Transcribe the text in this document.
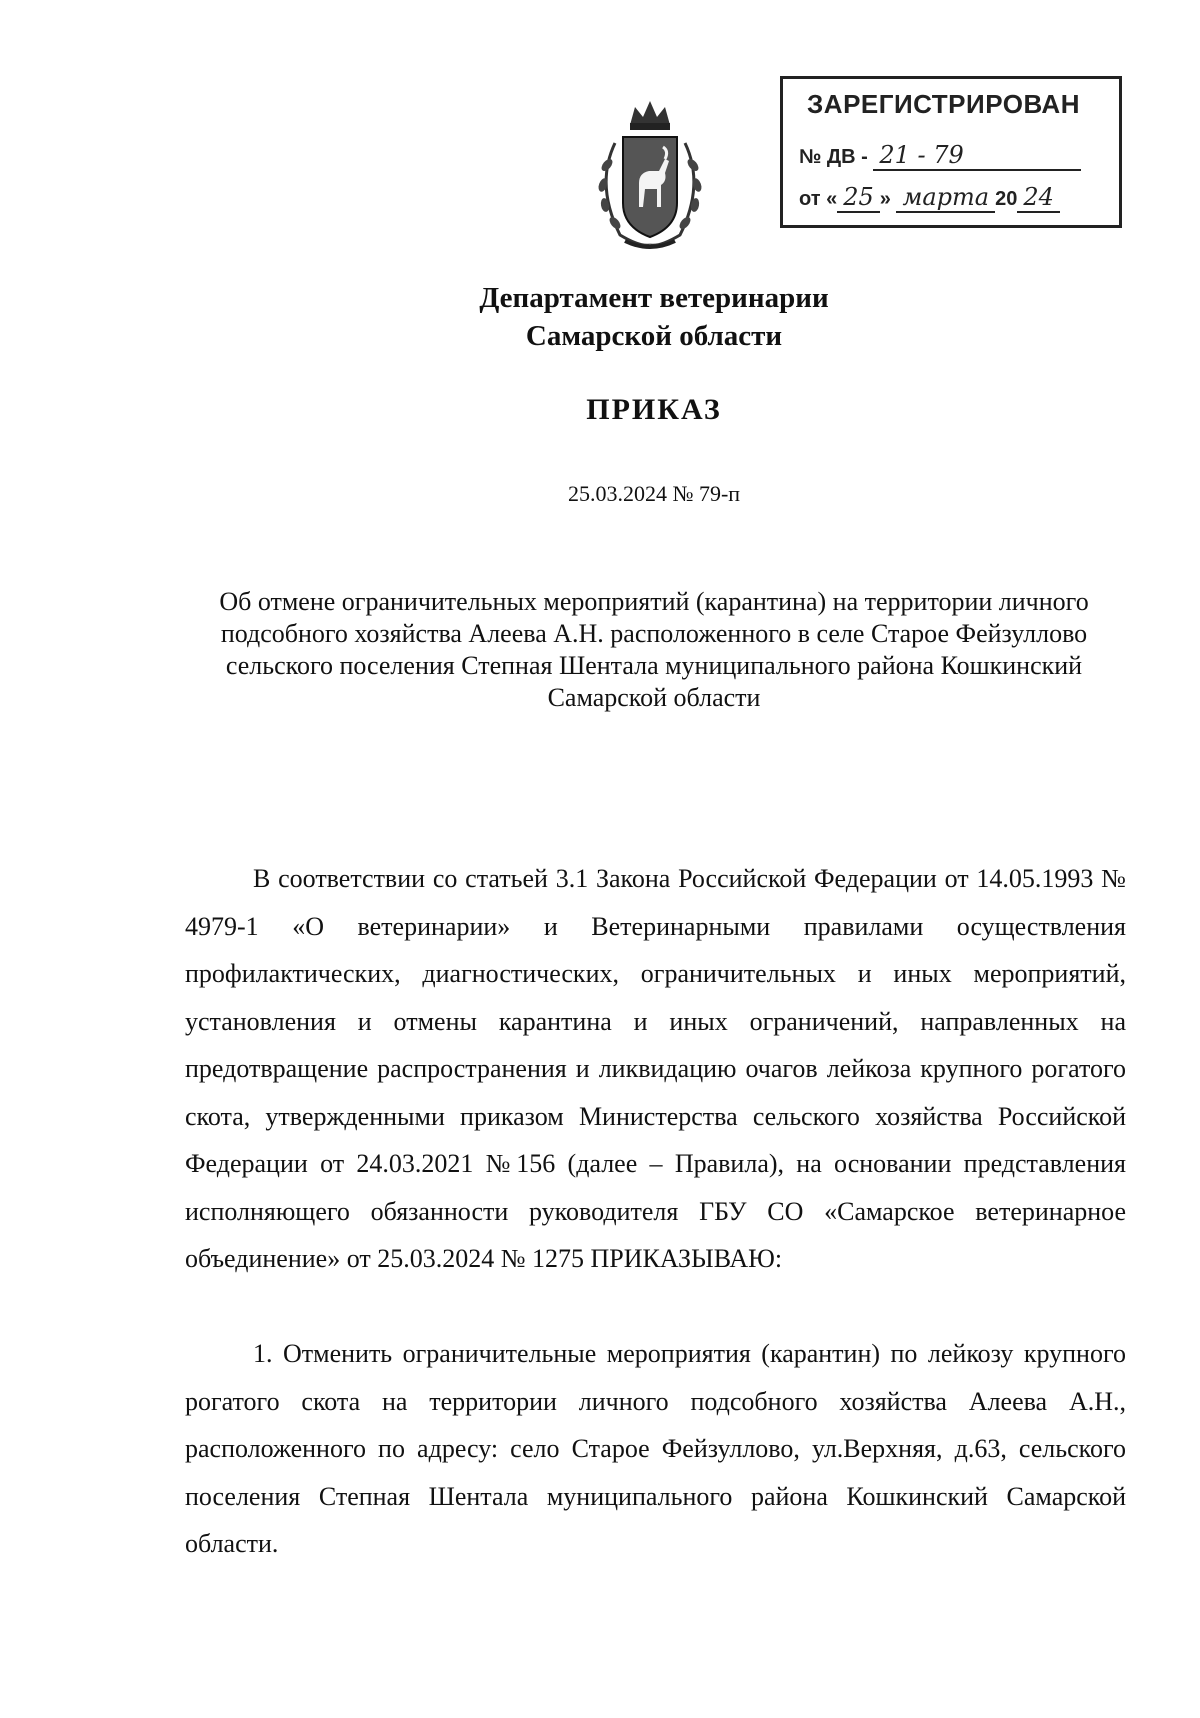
ЗАРЕГИСТРИРОВАН
№ ДВ - 21 - 79
от « 25 » марта 20 24
Департамент ветеринарии
Самарской области
ПРИКАЗ
25.03.2024 № 79-п
Об отмене ограничительных мероприятий (карантина) на территории личного подсобного хозяйства Алеева А.Н. расположенного в селе Старое Фейзуллово сельского поселения Степная Шентала муниципального района Кошкинский Самарской области
В соответствии со статьей 3.1 Закона Российской Федерации от 14.05.1993 № 4979-1 «О ветеринарии» и Ветеринарными правилами осуществления профилактических, диагностических, ограничительных и иных мероприятий, установления и отмены карантина и иных ограничений, направленных на предотвращение распространения и ликвидацию очагов лейкоза крупного рогатого скота, утвержденными приказом Министерства сельского хозяйства Российской Федерации от 24.03.2021 №156 (далее – Правила), на основании представления исполняющего обязанности руководителя ГБУ СО «Самарское ветеринарное объединение» от 25.03.2024 № 1275 ПРИКАЗЫВАЮ:
1. Отменить ограничительные мероприятия (карантин) по лейкозу крупного рогатого скота на территории личного подсобного хозяйства Алеева А.Н., расположенного по адресу: село Старое Фейзуллово, ул.Верхняя, д.63, сельского поселения Степная Шентала муниципального района Кошкинский Самарской области.
